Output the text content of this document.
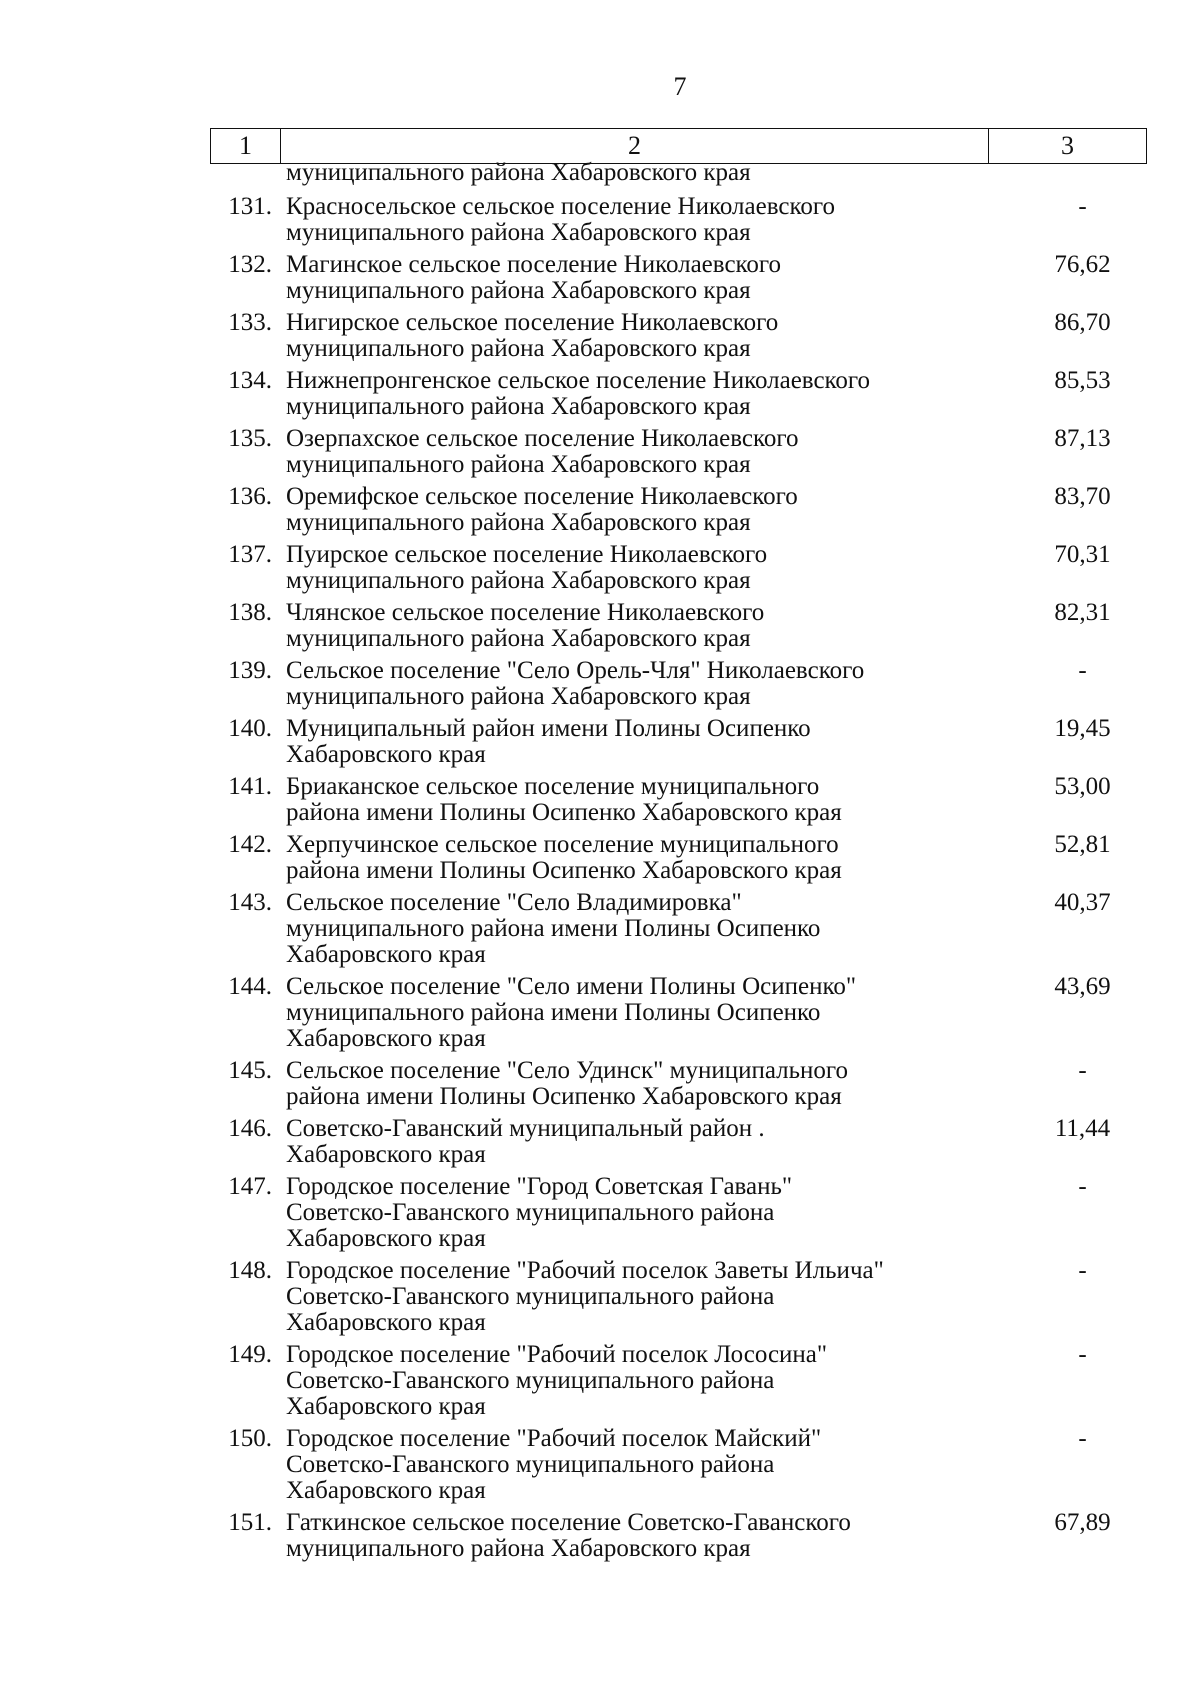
7
1	2	3
муниципального района Хабаровского края
131. Красносельское сельское поселение Николаевского
муниципального района Хабаровского края
-
132. Магинское сельское поселение Николаевского
муниципального района Хабаровского края
76,62
133. Нигирское сельское поселение Николаевского
муниципального района Хабаровского края
86,70
134. Нижнепронгенское сельское поселение Николаевского
муниципального района Хабаровского края
85,53
135. Озерпахское сельское поселение Николаевского
муниципального района Хабаровского края
87,13
136. Оремифское сельское поселение Николаевского
муниципального района Хабаровского края
83,70
137. Пуирское сельское поселение Николаевского
муниципального района Хабаровского края
70,31
138. Члянское сельское поселение Николаевского
муниципального района Хабаровского края
82,31
139. Сельское поселение "Село Орель-Чля" Николаевского
муниципального района Хабаровского края
-
140. Муниципальный район имени Полины Осипенко
Хабаровского края
19,45
141. Бриаканское сельское поселение муниципального
района имени Полины Осипенко Хабаровского края
53,00
142. Херпучинское сельское поселение муниципального
района имени Полины Осипенко Хабаровского края
52,81
143. Сельское поселение "Село Владимировка"
муниципального района имени Полины Осипенко
Хабаровского края
40,37
144. Сельское поселение "Село имени Полины Осипенко"
муниципального района имени Полины Осипенко
Хабаровского края
43,69
145. Сельское поселение "Село Удинск" муниципального
района имени Полины Осипенко Хабаровского края
-
146. Советско-Гаванский муниципальный район .
Хабаровского края
11,44
147. Городское поселение "Город Советская Гавань"
Советско-Гаванского муниципального района
Хабаровского края
-
148. Городское поселение "Рабочий поселок Заветы Ильича"
Советско-Гаванского муниципального района
Хабаровского края
-
149. Городское поселение "Рабочий поселок Лососина"
Советско-Гаванского муниципального района
Хабаровского края
-
150. Городское поселение "Рабочий поселок Майский"
Советско-Гаванского муниципального района
Хабаровского края
-
151. Гаткинское сельское поселение Советско-Гаванского
муниципального района Хабаровского края
67,89
